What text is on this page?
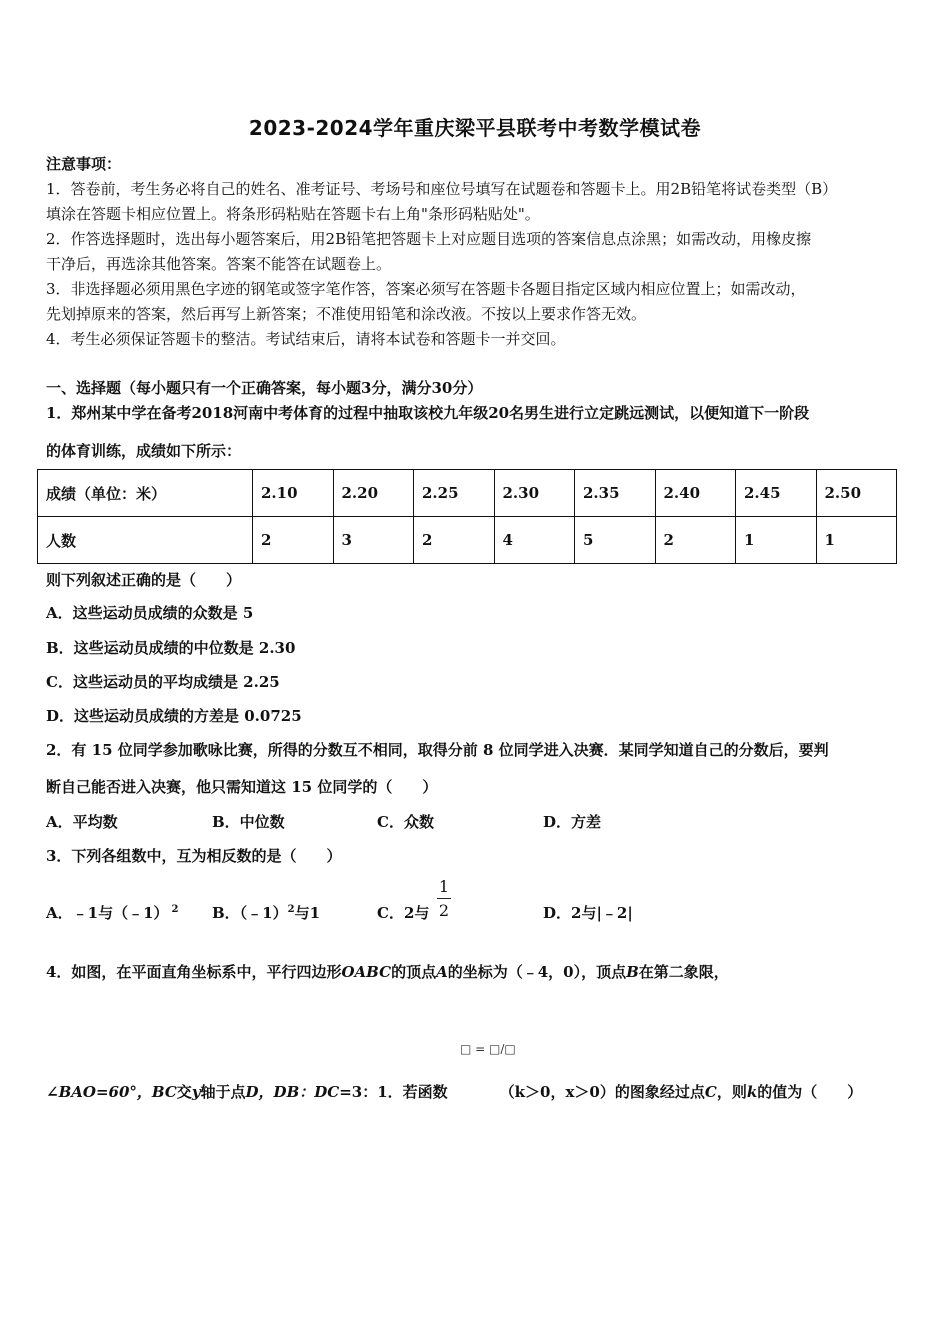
2023-2024学年重庆梁平县联考中考数学模试卷
注意事项：
1．答卷前，考生务必将自己的姓名、准考证号、考场号和座位号填写在试题卷和答题卡上。用2B铅笔将试卷类型（B）
填涂在答题卡相应位置上。将条形码粘贴在答题卡右上角"条形码粘贴处"。
2．作答选择题时，选出每小题答案后，用2B铅笔把答题卡上对应题目选项的答案信息点涂黑；如需改动，用橡皮擦
干净后，再选涂其他答案。答案不能答在试题卷上。
3．非选择题必须用黑色字迹的钢笔或签字笔作答，答案必须写在答题卡各题目指定区域内相应位置上；如需改动，
先划掉原来的答案，然后再写上新答案；不准使用铅笔和涂改液。不按以上要求作答无效。
4．考生必须保证答题卡的整洁。考试结束后，请将本试卷和答题卡一并交回。
一、选择题（每小题只有一个正确答案，每小题3分，满分30分）
1．郑州某中学在备考2018河南中考体育的过程中抽取该校九年级20名男生进行立定跳远测试，以便知道下一阶段
的体育训练，成绩如下所示：
成绩（单位：米）	2.10	2.20	2.25	2.30	2.35	2.40	2.45	2.50
人数	2	3	2	4	5	2	1	1
则下列叙述正确的是（　　）
A．这些运动员成绩的众数是 5
B．这些运动员成绩的中位数是 2.30
C．这些运动员的平均成绩是 2.25
D．这些运动员成绩的方差是 0.0725
2．有 15 位同学参加歌咏比赛，所得的分数互不相同，取得分前 8 位同学进入决赛．某同学知道自己的分数后，要判
断自己能否进入决赛，他只需知道这 15 位同学的（　　）
A．平均数	B．中位数	C．众数	D．方差
3．下列各组数中，互为相反数的是（　　）
A．﹣1与（﹣1） $^2$ B．（﹣1）$^2$与1	C．2与
1
2	D．2与|﹣2|
4．如图，在平面直角坐标系中，平行四边形OABC的顶点A的坐标为（﹣4，0），顶点B在第二象限，
□ = □/□
∠BAO=60°，BC交y轴于点D，DB：DC=3：1．若函数	（k＞0，x＞0）的图象经过点C，则k的值为（　　）
